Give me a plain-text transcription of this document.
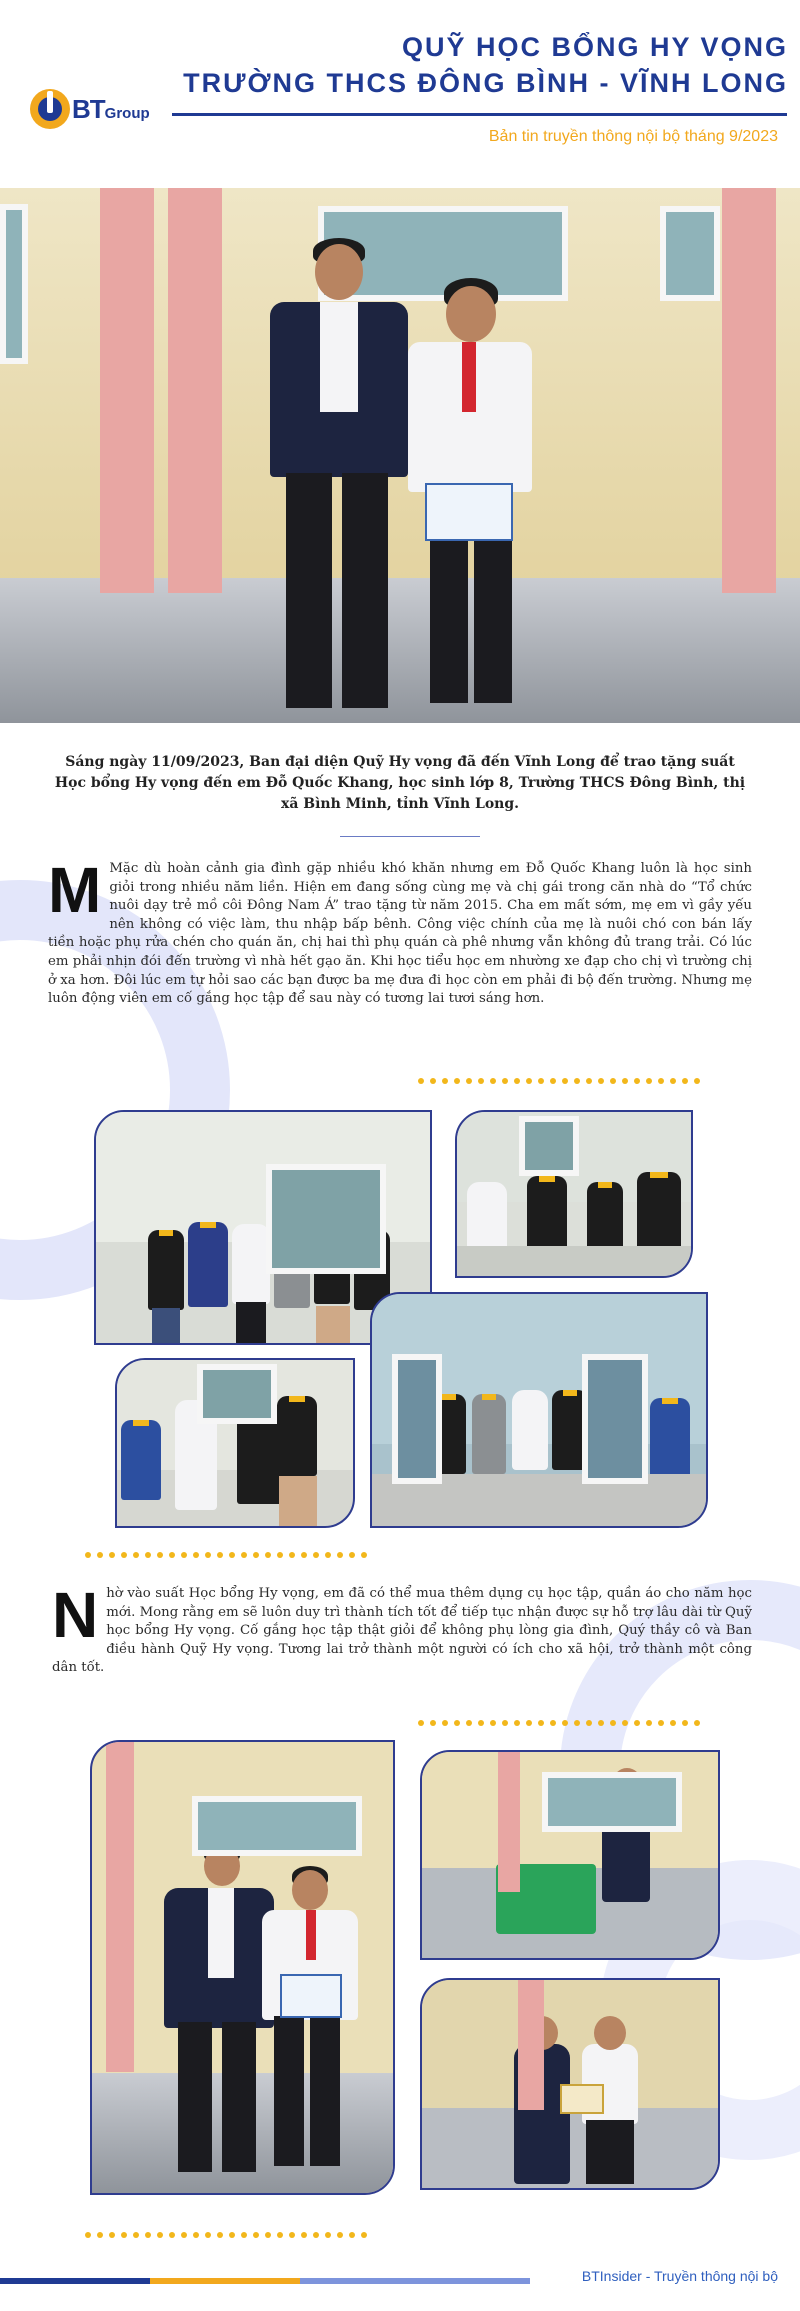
BTGroup
QUỸ HỌC BỔNG HY VỌNG
TRƯỜNG THCS ĐÔNG BÌNH - VĨNH LONG
Bản tin truyền thông nội bộ tháng 9/2023
Sáng ngày 11/09/2023, Ban đại diện Quỹ Hy vọng đã đến Vĩnh Long để trao tặng suất Học bổng Hy vọng đến em Đỗ Quốc Khang, học sinh lớp 8, Trường THCS Đông Bình, thị xã Bình Minh, tỉnh Vĩnh Long.
M Mặc dù hoàn cảnh gia đình gặp nhiều khó khăn nhưng em Đỗ Quốc Khang luôn là học sinh giỏi trong nhiều năm liền. Hiện em đang sống cùng mẹ và chị gái trong căn nhà do “Tổ chức nuôi dạy trẻ mồ côi Đông Nam Á” trao tặng từ năm 2015. Cha em mất sớm, mẹ em vì gầy yếu nên không có việc làm, thu nhập bấp bênh. Công việc chính của mẹ là nuôi chó con bán lấy tiền hoặc phụ rửa chén cho quán ăn, chị hai thì phụ quán cà phê nhưng vẫn không đủ trang trải. Có lúc em phải nhịn đói đến trường vì nhà hết gạo ăn. Khi học tiểu học em nhường xe đạp cho chị vì trường chị ở xa hơn. Đôi lúc em tự hỏi sao các bạn được ba mẹ đưa đi học còn em phải đi bộ đến trường. Nhưng mẹ luôn động viên em cố gắng học tập để sau này có tương lai tươi sáng hơn.
N hờ vào suất Học bổng Hy vọng, em đã có thể mua thêm dụng cụ học tập, quần áo cho năm học mới. Mong rằng em sẽ luôn duy trì thành tích tốt để tiếp tục nhận được sự hỗ trợ lâu dài từ Quỹ học bổng Hy vọng. Cố gắng học tập thật giỏi để không phụ lòng gia đình, Quý thầy cô và Ban điều hành Quỹ Hy vọng. Tương lai trở thành một người có ích cho xã hội, trở thành một công dân tốt.
BTInsider - Truyền thông nội bộ
